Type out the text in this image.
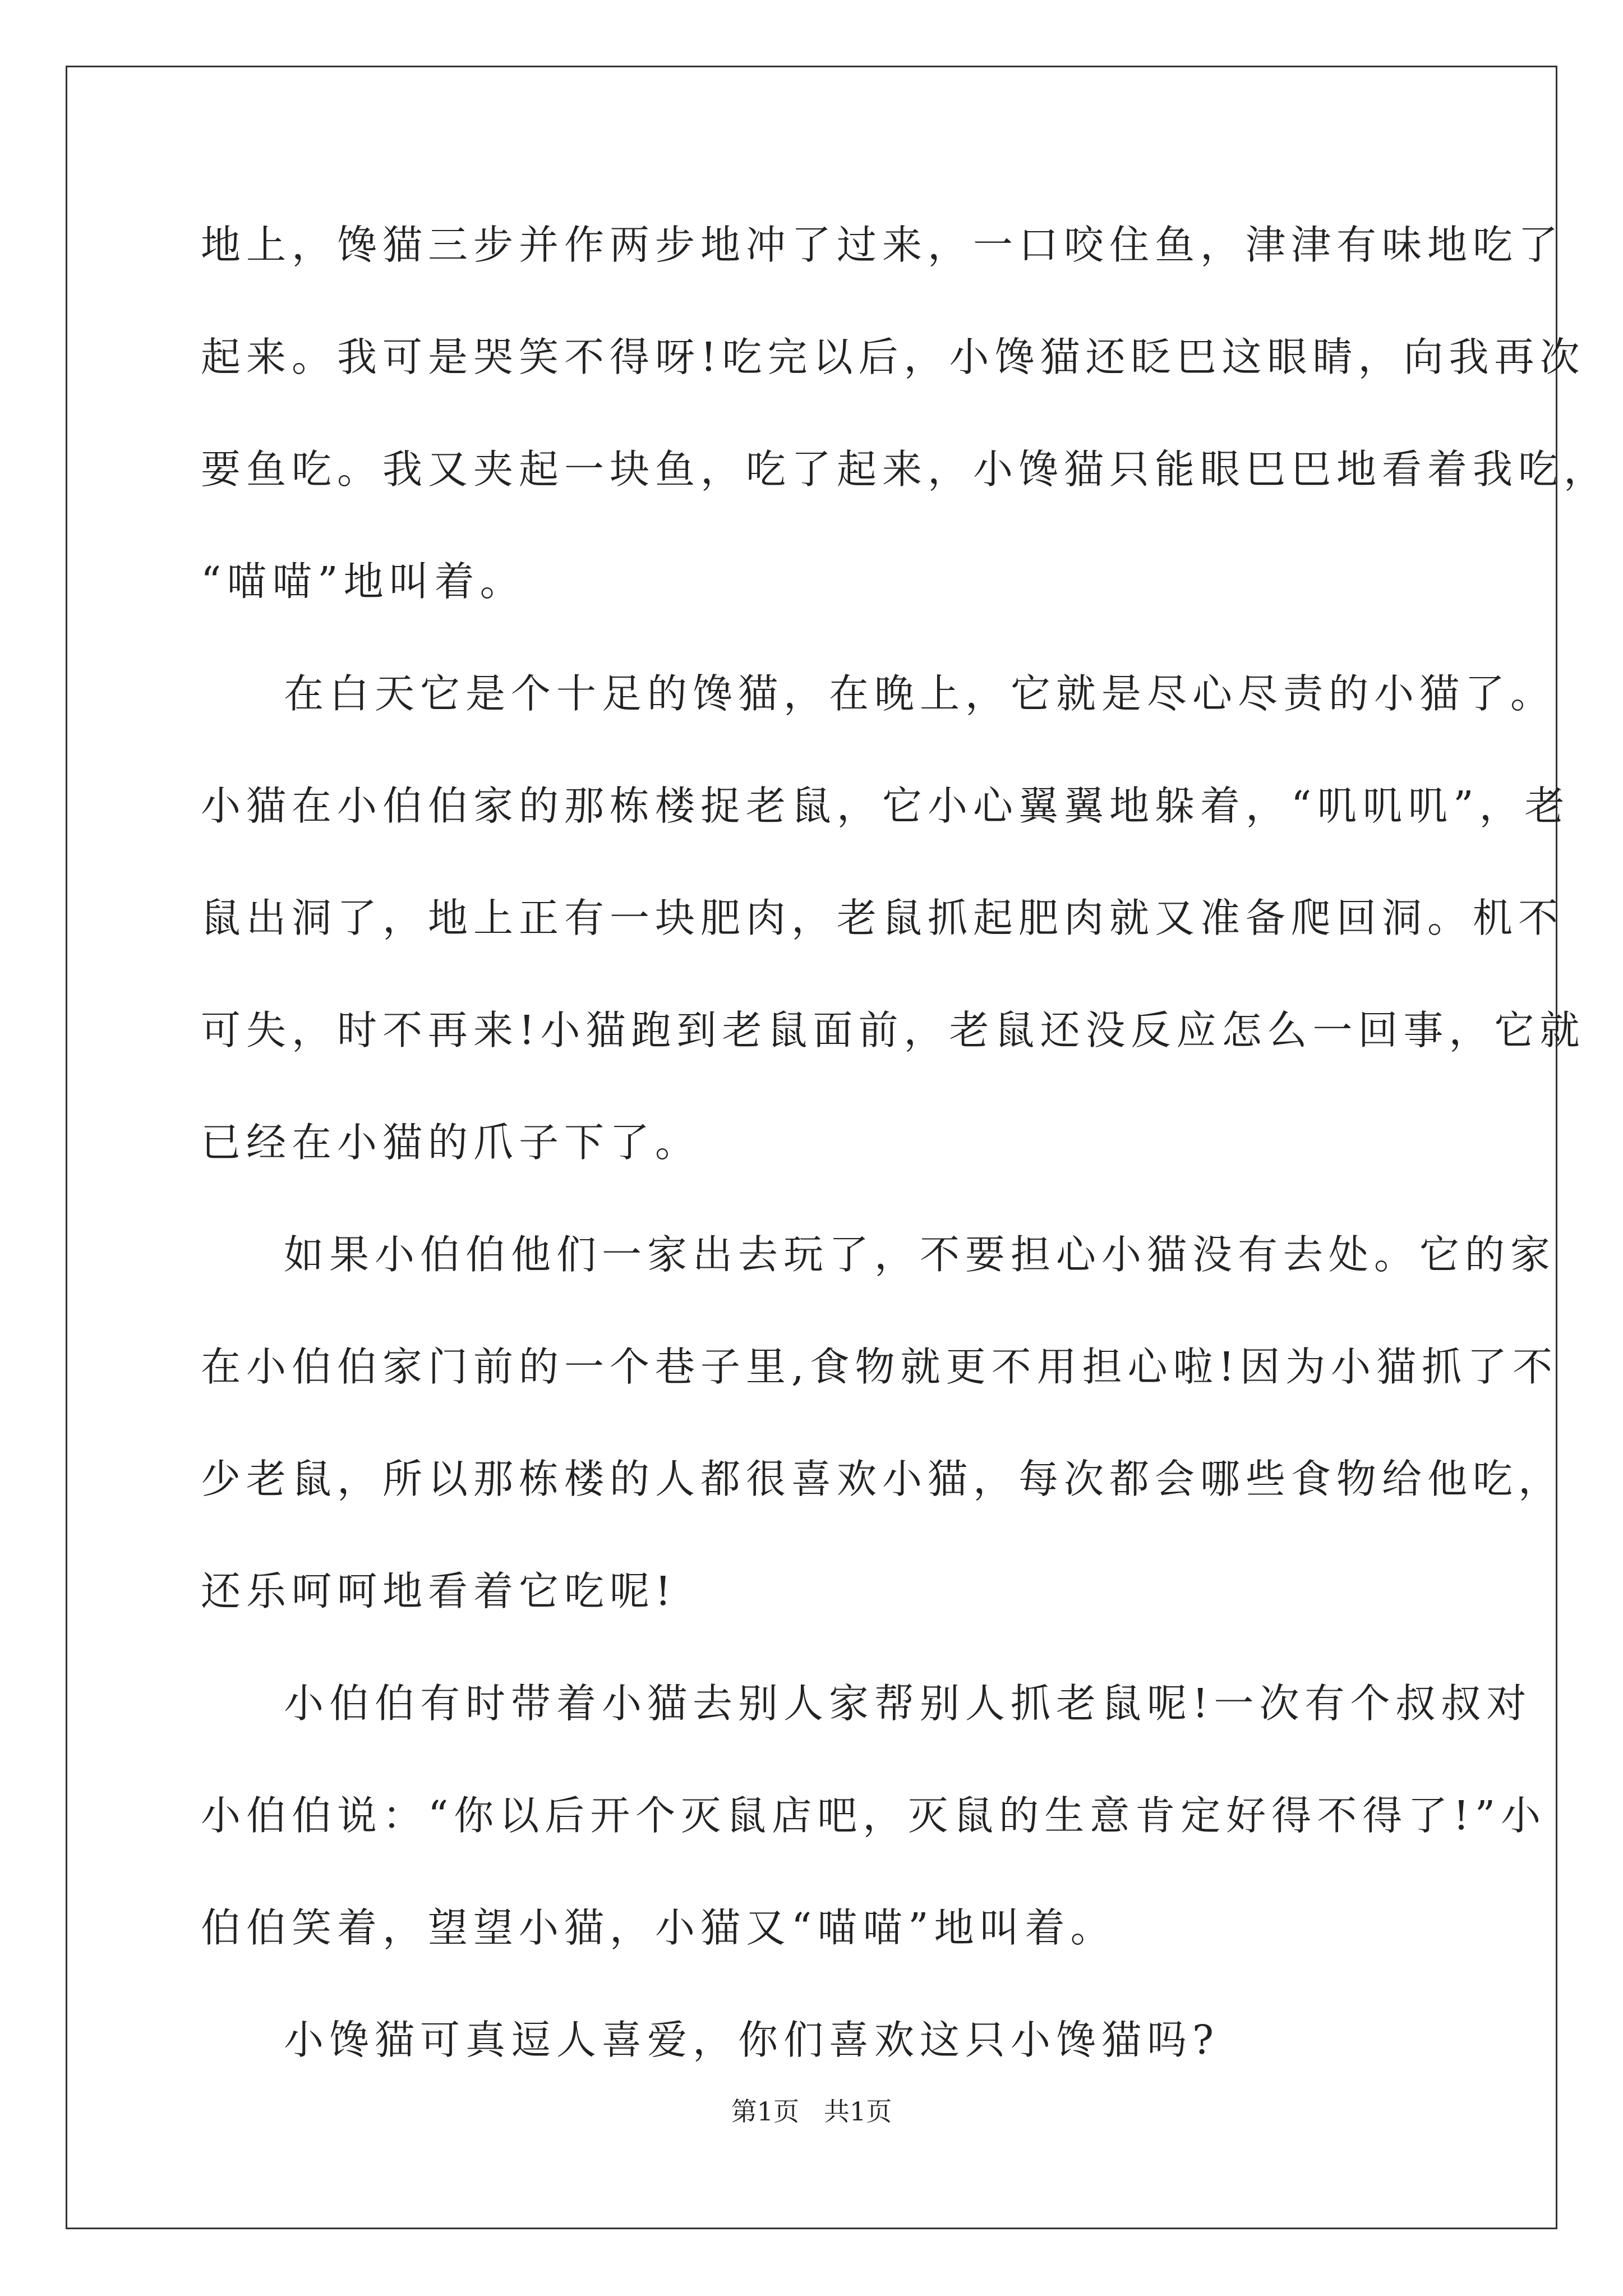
地上，馋猫三步并作两步地冲了过来，一口咬住鱼，津津有味地吃了
起来。我可是哭笑不得呀!吃完以后，小馋猫还眨巴这眼睛，向我再次
要鱼吃。我又夹起一块鱼，吃了起来，小馋猫只能眼巴巴地看着我吃，
“喵喵”地叫着。
在白天它是个十足的馋猫，在晚上，它就是尽心尽责的小猫了。
小猫在小伯伯家的那栋楼捉老鼠，它小心翼翼地躲着，“叽叽叽”，老
鼠出洞了，地上正有一块肥肉，老鼠抓起肥肉就又准备爬回洞。机不
可失，时不再来!小猫跑到老鼠面前，老鼠还没反应怎么一回事，它就
已经在小猫的爪子下了。
如果小伯伯他们一家出去玩了，不要担心小猫没有去处。它的家
在小伯伯家门前的一个巷子里,食物就更不用担心啦!因为小猫抓了不
少老鼠，所以那栋楼的人都很喜欢小猫，每次都会哪些食物给他吃，
还乐呵呵地看着它吃呢!
小伯伯有时带着小猫去别人家帮别人抓老鼠呢!一次有个叔叔对
小伯伯说：“你以后开个灭鼠店吧，灭鼠的生意肯定好得不得了!”小
伯伯笑着，望望小猫，小猫又“喵喵”地叫着。
小馋猫可真逗人喜爱，你们喜欢这只小馋猫吗?
第1页 共1页
